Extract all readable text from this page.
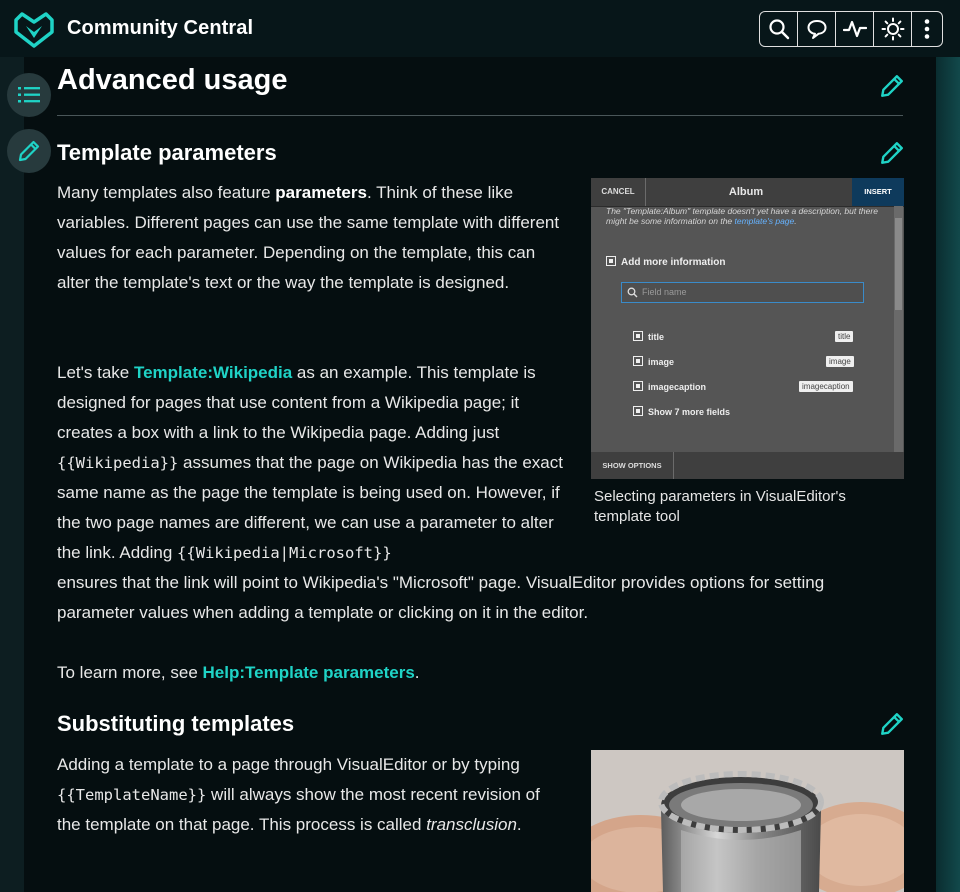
Community Central
Advanced usage
Template parameters

Many templates also feature parameters. Think of these like variables. Different pages can use the same template with different values for each parameter. Depending on the template, this can alter the template's text or the way the template is designed.

Let's take Template:Wikipedia as an example. This template is designed for pages that use content from a Wikipedia page; it creates a box with a link to the Wikipedia page. Adding just {{Wikipedia}} assumes that the page on Wikipedia has the exact same name as the page the template is being used on. However, if the two page names are different, we can use a parameter to alter the link. Adding {{Wikipedia|Microsoft}}

ensures that the link will point to Wikipedia's "Microsoft" page. VisualEditor provides options for setting parameter values when adding a template or clicking on it in the editor.

To learn more, see Help:Template parameters.

CANCEL	Album	INSERT
The "Template:Album" template doesn't yet have a description, but there might be some information on the template's page.
Add more information
Field name
title	title
image	image
imagecaption	imagecaption
Show 7 more fields
SHOW OPTIONS
Selecting parameters in VisualEditor's template tool
Substituting templates

Adding a template to a page through VisualEditor or by typing {{TemplateName}} will always show the most recent revision of the template on that page. This process is called transclusion.
